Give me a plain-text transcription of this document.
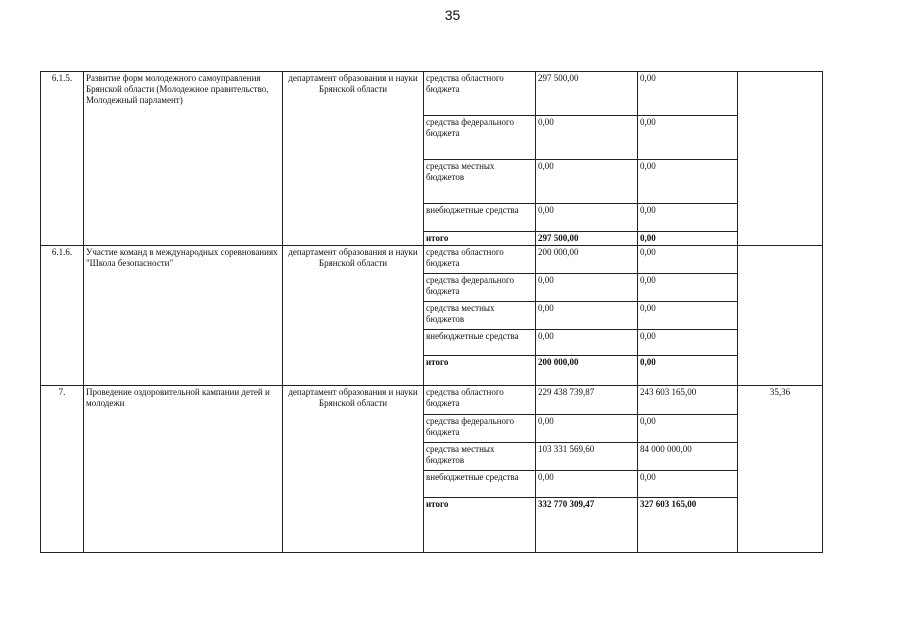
35
6.1.5.	Развитие форм молодежного самоуправления Брянской области (Молодежное правительство, Молодежный парламент)	департамент образования и науки Брянской области	средства областного бюджета	297 500,00	0,00	
			средства федерального бюджета	0,00	0,00	
			средства местных бюджетов	0,00	0,00	
			внебюджетные средства	0,00	0,00	
			итого	297 500,00	0,00	
6.1.6.	Участие команд в международных соревнованиях "Школа безопасности"	департамент образования и науки Брянской области	средства областного бюджета	200 000,00	0,00	
			средства федерального бюджета	0,00	0,00	
			средства местных бюджетов	0,00	0,00	
			внебюджетные средства	0,00	0,00	
			итого	200 000,00	0,00	
7.	Проведение оздоровительной кампании детей и молодежи	департамент образования и науки Брянской области	средства областного бюджета	229 438 739,87	243 603 165,00	35,36
			средства федерального бюджета	0,00	0,00	
			средства местных бюджетов	103 331 569,60	84 000 000,00	
			внебюджетные средства	0,00	0,00	
			итого	332 770 309,47	327 603 165,00	
